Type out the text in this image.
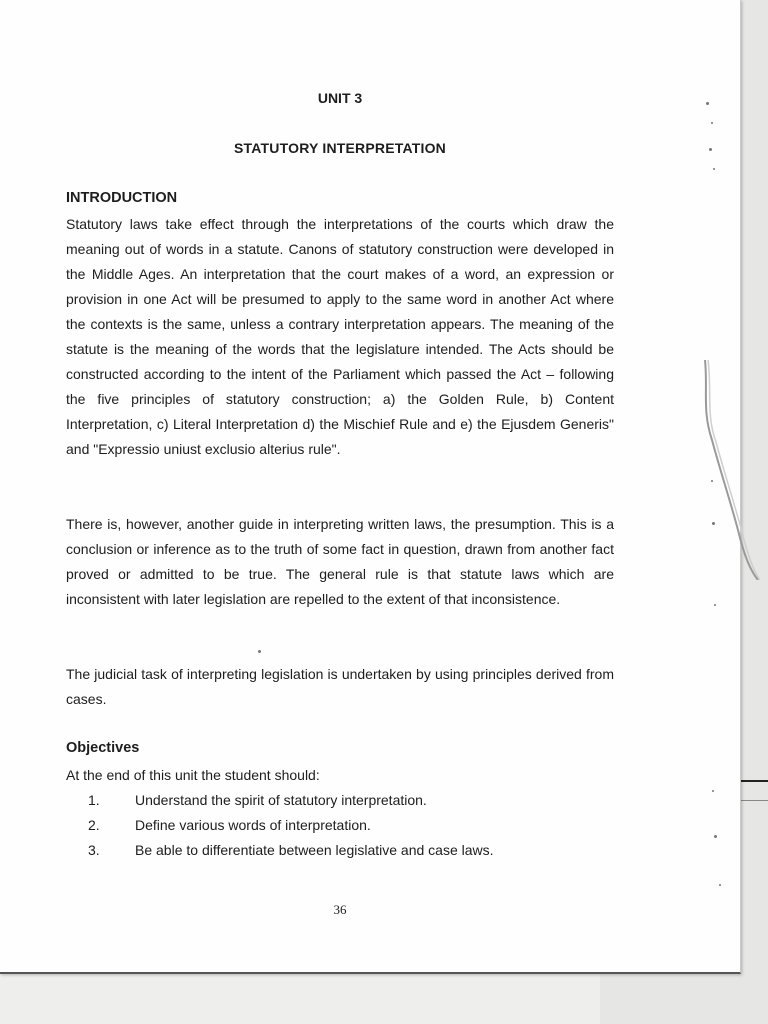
UNIT 3
STATUTORY INTERPRETATION
INTRODUCTION

Statutory laws take effect through the interpretations of the courts which draw the meaning out of words in a statute. Canons of statutory construction were developed in the Middle Ages. An interpretation that the court makes of a word, an expression or provision in one Act will be presumed to apply to the same word in another Act where the contexts is the same, unless a contrary interpretation appears. The meaning of the statute is the meaning of the words that the legislature intended. The Acts should be constructed according to the intent of the Parliament which passed the Act – following the five principles of statutory construction; a) the Golden Rule, b) Content Interpretation, c) Literal Interpretation d) the Mischief Rule and e) the Ejusdem Generis" and "Expressio uniust exclusio alterius rule".

There is, however, another guide in interpreting written laws, the presumption. This is a conclusion or inference as to the truth of some fact in question, drawn from another fact proved or admitted to be true. The general rule is that statute laws which are inconsistent with later legislation are repelled to the extent of that inconsistence.

The judicial task of interpreting legislation is undertaken by using principles derived from cases.

Objectives
At the end of this unit the student should:
1.	Understand the spirit of statutory interpretation.
2.	Define various words of interpretation.
3.	Be able to differentiate between legislative and case laws.
36
